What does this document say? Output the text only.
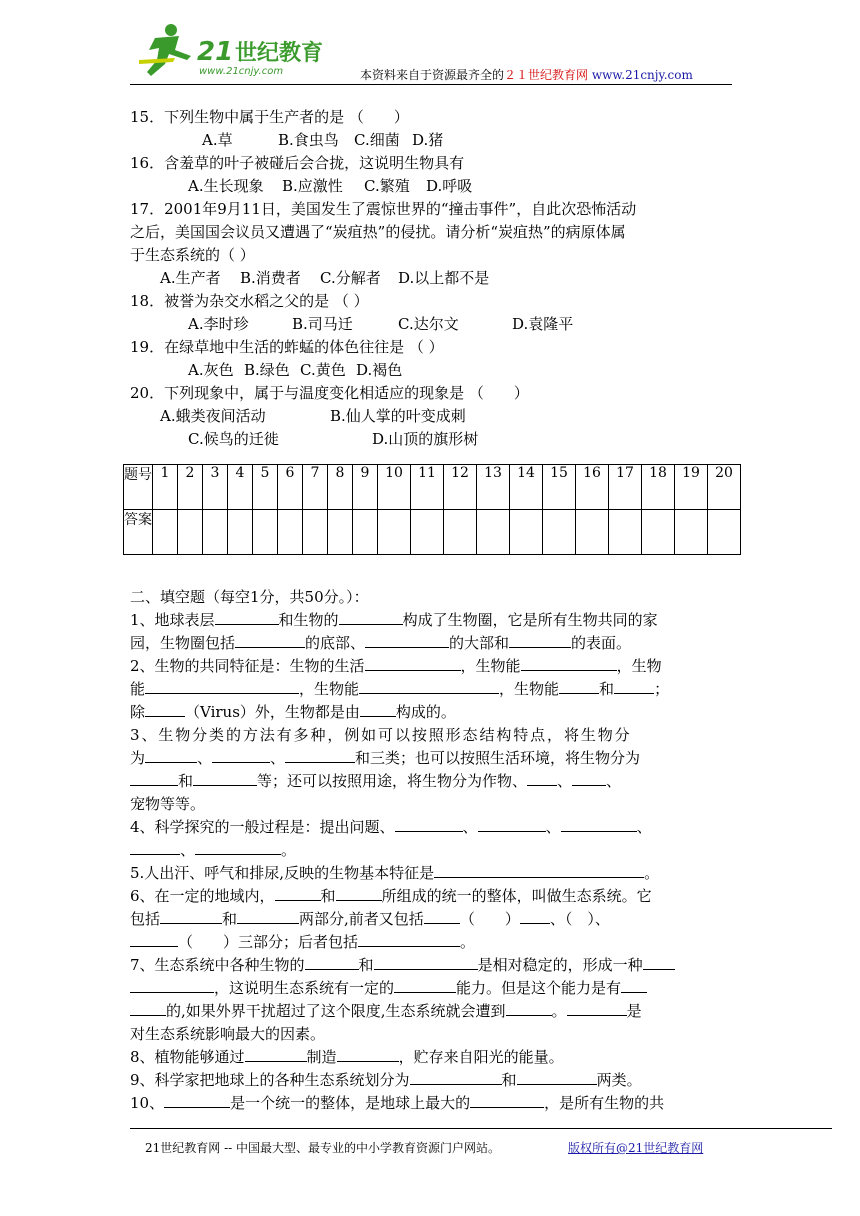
21 世纪教育
www.21cnjy.com	本资料来自于资源最齐全的２１世纪教育网 www.21cnjy.com
15．下列生物中属于生产者的是 （　　）
A.草	B.食虫鸟 C.细菌 D.猪
16．含羞草的叶子被碰后会合拢，这说明生物具有
A.生长现象 B.应激性 C.繁殖 D.呼吸
17．2001年9月11日，美国发生了震惊世界的“撞击事件”，自此次恐怖活动
之后，美国国会议员又遭遇了“炭疽热”的侵扰。请分析“炭疽热”的病原体属
于生态系统的（ ）
A.生产者 B.消费者 C.分解者 D.以上都不是
18．被誉为杂交水稻之父的是 （ ）
A.李时珍	B.司马迁	C.达尔文	D.袁隆平
19．在绿草地中生活的蚱蜢的体色往往是 （ ）
A.灰色 B.绿色 C.黄色 D.褐色
20．下列现象中，属于与温度变化相适应的现象是 （　　）
A.蛾类夜间活动	B.仙人掌的叶变成刺
C.候鸟的迁徙	D.山顶的旗形树
题号	1	2	3	4	5	6	7	8	9	10	11	12	13	14	15	16	17	18	19	20
答案																				
二、填空题（每空1分，共50分。）：
1、地球表层	和生物的	构成了生物圈，它是所有生物共同的家
园，生物圈包括	的底部、	的大部和	的表面。
2、生物的共同特征是：生物的生活	，生物能	，生物
能	，生物能	，生物能	和	；
除	（Virus）外，生物都是由 构成的。
3、生物分类的方法有多种，例如可以按照形态结构特点，将生物分
为	、	、	和三类；也可以按照生活环境，将生物分为
和	等；还可以按照用途，将生物分为作物、 、 、
宠物等等。
4、科学探究的一般过程是：提出问题、	、	、	、
、	。
5.人出汗、呼气和排尿,反映的生物基本特征是	。
6、在一定的地域内，	和	所组成的统一的整体，叫做生态系统。它
包括	和	两部分,前者又包括 （　　） 、（　）、
（　　）三部分；后者包括	。
7、生态系统中各种生物的	和	是相对稳定的，形成一种
，这说明生态系统有一定的	能力。但是这个能力是有
的,如果外界干扰超过了这个限度,生态系统就会遭到	。	是
对生态系统影响最大的因素。
8、植物能够通过	制造	，贮存来自阳光的能量。
9、科学家把地球上的各种生态系统划分为	和	两类。
10、	是一个统一的整体，是地球上最大的	，是所有生物的共
21世纪教育网 -- 中国最大型、最专业的中小学教育资源门户网站。	版权所有@21世纪教育网
